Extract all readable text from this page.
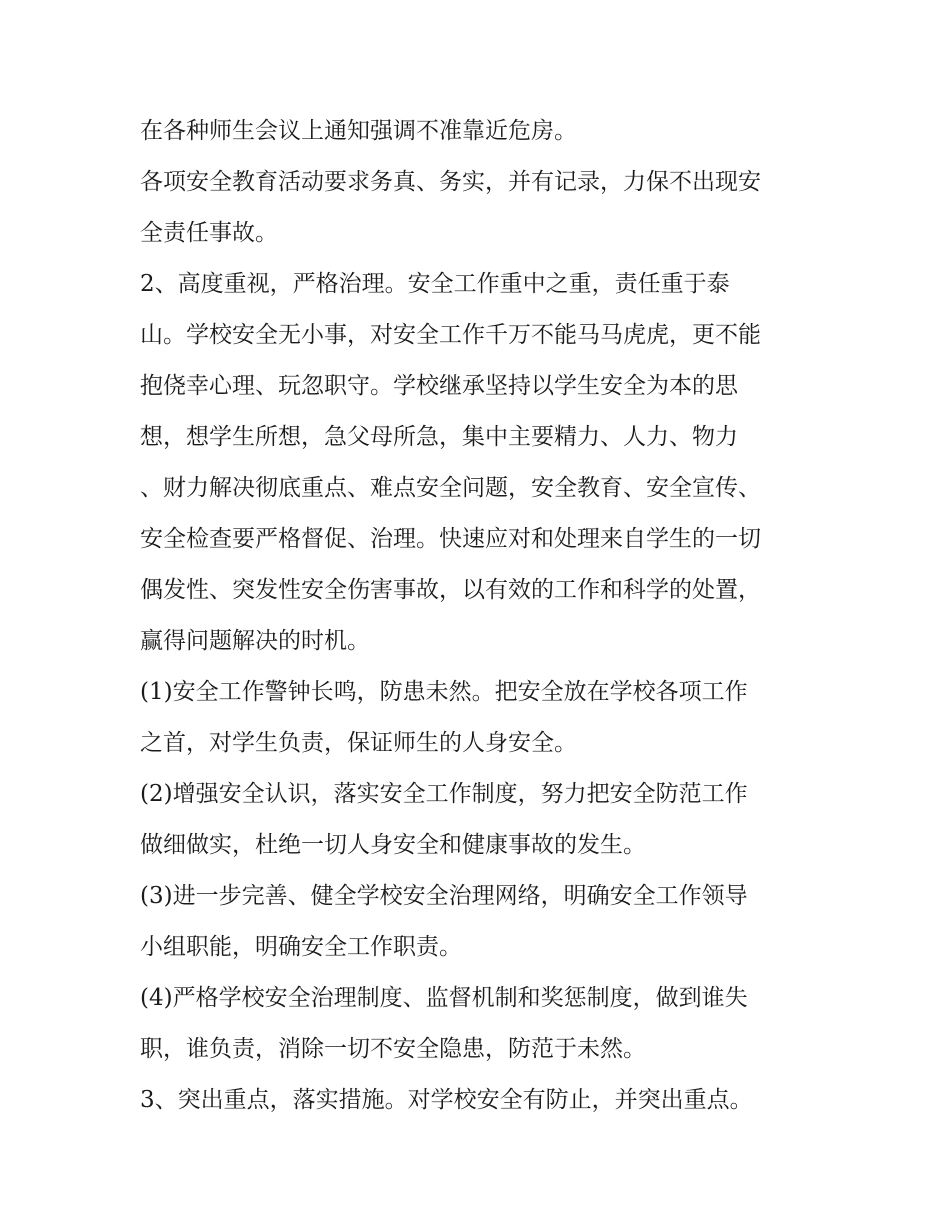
在各种师生会议上通知强调不准靠近危房。
各项安全教育活动要求务真、务实，并有记录，力保不出现安
全责任事故。
2、高度重视，严格治理。安全工作重中之重，责任重于泰
山。学校安全无小事，对安全工作千万不能马马虎虎，更不能
抱侥幸心理、玩忽职守。学校继承坚持以学生安全为本的思
想，想学生所想，急父母所急，集中主要精力、人力、物力
、财力解决彻底重点、难点安全问题，安全教育、安全宣传、
安全检查要严格督促、治理。快速应对和处理来自学生的一切
偶发性、突发性安全伤害事故，以有效的工作和科学的处置，
赢得问题解决的时机。
(1)安全工作警钟长鸣，防患未然。把安全放在学校各项工作
之首，对学生负责，保证师生的人身安全。
(2)增强安全认识，落实安全工作制度，努力把安全防范工作
做细做实，杜绝一切人身安全和健康事故的发生。
(3)进一步完善、健全学校安全治理网络，明确安全工作领导
小组职能，明确安全工作职责。
(4)严格学校安全治理制度、监督机制和奖惩制度，做到谁失
职，谁负责，消除一切不安全隐患，防范于未然。
3、突出重点，落实措施。对学校安全有防止，并突出重点。
